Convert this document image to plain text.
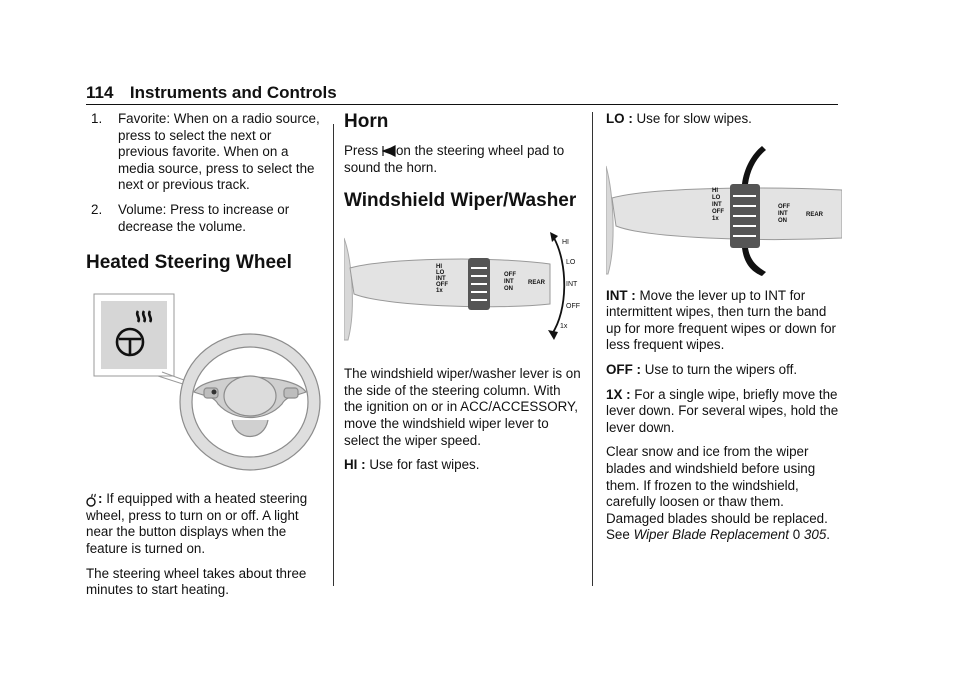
114 Instruments and Controls
1. Favorite: When on a radio source, press to select the next or previous favorite. When on a media source, press to select the next or previous track.
2. Volume: Press to increase or decrease the volume.
Heated Steering Wheel

: If equipped with a heated steering wheel, press to turn on or off. A light near the button displays when the feature is turned on.

The steering wheel takes about three minutes to start heating.

Horn

Press on the steering wheel pad to sound the horn.

Windshield Wiper/Washer
HI
LO
INT
OFF
1x
OFF
INT
ON
REAR
HI
LO
INT
OFF
1x

The windshield wiper/washer lever is on the side of the steering column. With the ignition on or in ACC/ACCESSORY, move the windshield wiper lever to select the wiper speed.

HI : Use for fast wipes.

LO : Use for slow wipes.

HI
LO
INT
OFF
1x
OFF
INT
ON
REAR

INT : Move the lever up to INT for intermittent wipes, then turn the band up for more frequent wipes or down for less frequent wipes.

OFF : Use to turn the wipers off.

1X : For a single wipe, briefly move the lever down. For several wipes, hold the lever down.

Clear snow and ice from the wiper blades and windshield before using them. If frozen to the windshield, carefully loosen or thaw them. Damaged blades should be replaced. See Wiper Blade Replacement 0 305.
